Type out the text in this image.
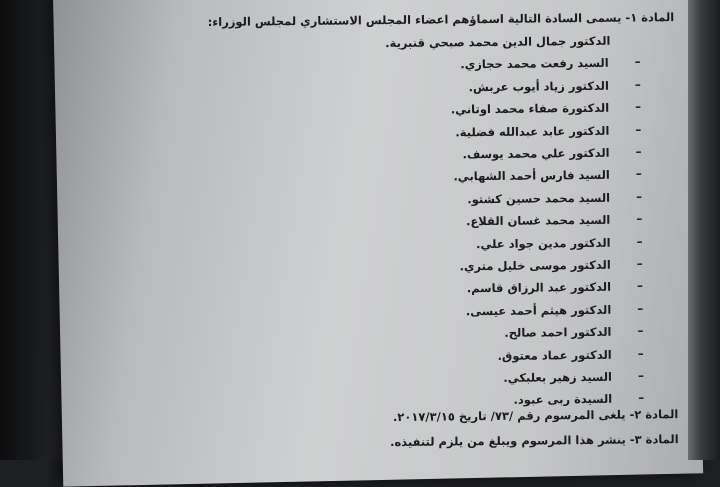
المادة ١- يسمى السادة التالية اسماؤهم اعضاء المجلس الاستشاري لمجلس الوزراء:
الدكتور جمال الدين محمد صبحي قنبرية.
السيد رفعت محمد حجازي. –
الدكتور زياد أيوب عربش. –
الدكتورة صفاء محمد اوتاني. –
الدكتور عابد عبدالله فضلية. –
الدكتور علي محمد يوسف. –
السيد فارس أحمد الشهابي. –
السيد محمد حسين كشتو. –
السيد محمد غسان القلاع. –
الدكتور مدين جواد علي. –
الدكتور موسى خليل متري. –
الدكتور عبد الرزاق قاسم. –
الدكتور هيثم أحمد عيسى. –
الدكتور احمد صالح. –
الدكتور عماد معتوق. –
السيد زهير بعلبكي. –
السيدة ربى عبود. –
المادة ٢- يلغى المرسوم رقم /٧٣/ تاريخ ٢٠١٧/٣/١٥.
المادة ٣- ينشر هذا المرسوم ويبلغ من يلزم لتنفيذه.
